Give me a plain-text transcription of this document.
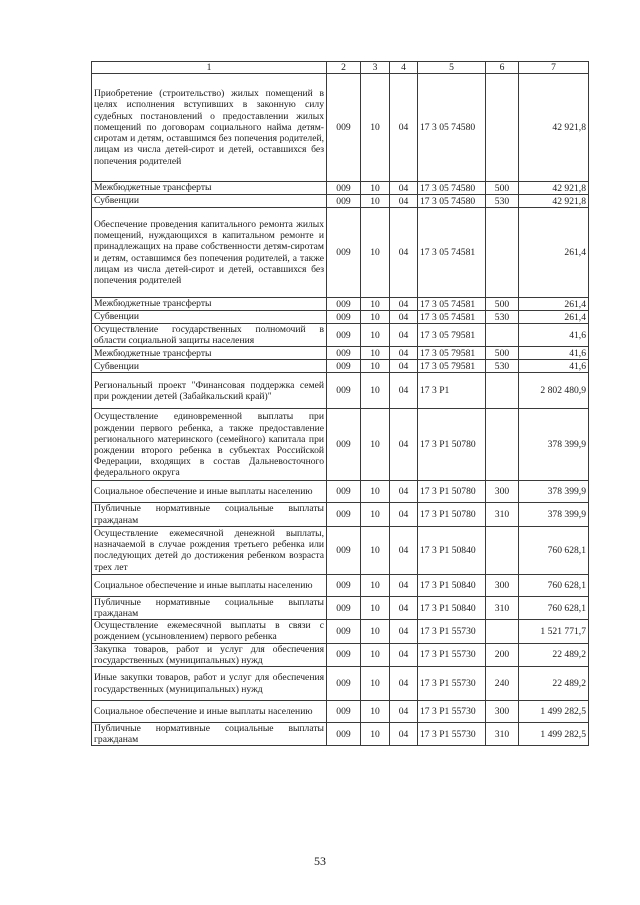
1	2	3	4	5	6	7
Приобретение (строительство) жилых помещений в целях исполнения вступивших в законную силу судебных постановлений о предоставлении жилых помещений по договорам социального найма детям-сиротам и детям, оставшимся без попечения родителей, лицам из числа детей-сирот и детей, оставшихся без попечения родителей	009	10	04	17 3 05 74580		42 921,8
Межбюджетные трансферты	009	10	04	17 3 05 74580	500	42 921,8
Субвенции	009	10	04	17 3 05 74580	530	42 921,8
Обеспечение проведения капитального ремонта жилых помещений, нуждающихся в капитальном ремонте и принадлежащих на праве собственности детям-сиротам и детям, оставшимся без попечения родителей, а также лицам из числа детей-сирот и детей, оставшихся без попечения родителей	009	10	04	17 3 05 74581		261,4
Межбюджетные трансферты	009	10	04	17 3 05 74581	500	261,4
Субвенции	009	10	04	17 3 05 74581	530	261,4
Осуществление государственных полномочий в области социальной защиты населения	009	10	04	17 3 05 79581		41,6
Межбюджетные трансферты	009	10	04	17 3 05 79581	500	41,6
Субвенции	009	10	04	17 3 05 79581	530	41,6
Региональный проект "Финансовая поддержка семей при рождении детей (Забайкальский край)"	009	10	04	17 3 P1		2 802 480,9
Осуществление единовременной выплаты при рождении первого ребенка, а также предоставление регионального материнского (семейного) капитала при рождении второго ребенка в субъектах Российской Федерации, входящих в состав Дальневосточного федерального округа	009	10	04	17 3 P1 50780		378 399,9
Социальное обеспечение и иные выплаты населению	009	10	04	17 3 P1 50780	300	378 399,9
Публичные нормативные социальные выплаты гражданам	009	10	04	17 3 P1 50780	310	378 399,9
Осуществление ежемесячной денежной выплаты, назначаемой в случае рождения третьего ребенка или последующих детей до достижения ребенком возраста трех лет	009	10	04	17 3 P1 50840		760 628,1
Социальное обеспечение и иные выплаты населению	009	10	04	17 3 P1 50840	300	760 628,1
Публичные нормативные социальные выплаты гражданам	009	10	04	17 3 P1 50840	310	760 628,1
Осуществление ежемесячной выплаты в связи с рождением (усыновлением) первого ребенка	009	10	04	17 3 P1 55730		1 521 771,7
Закупка товаров, работ и услуг для обеспечения государственных (муниципальных) нужд	009	10	04	17 3 P1 55730	200	22 489,2
Иные закупки товаров, работ и услуг для обеспечения государственных (муниципальных) нужд	009	10	04	17 3 P1 55730	240	22 489,2
Социальное обеспечение и иные выплаты населению	009	10	04	17 3 P1 55730	300	1 499 282,5
Публичные нормативные социальные выплаты гражданам	009	10	04	17 3 P1 55730	310	1 499 282,5
53
